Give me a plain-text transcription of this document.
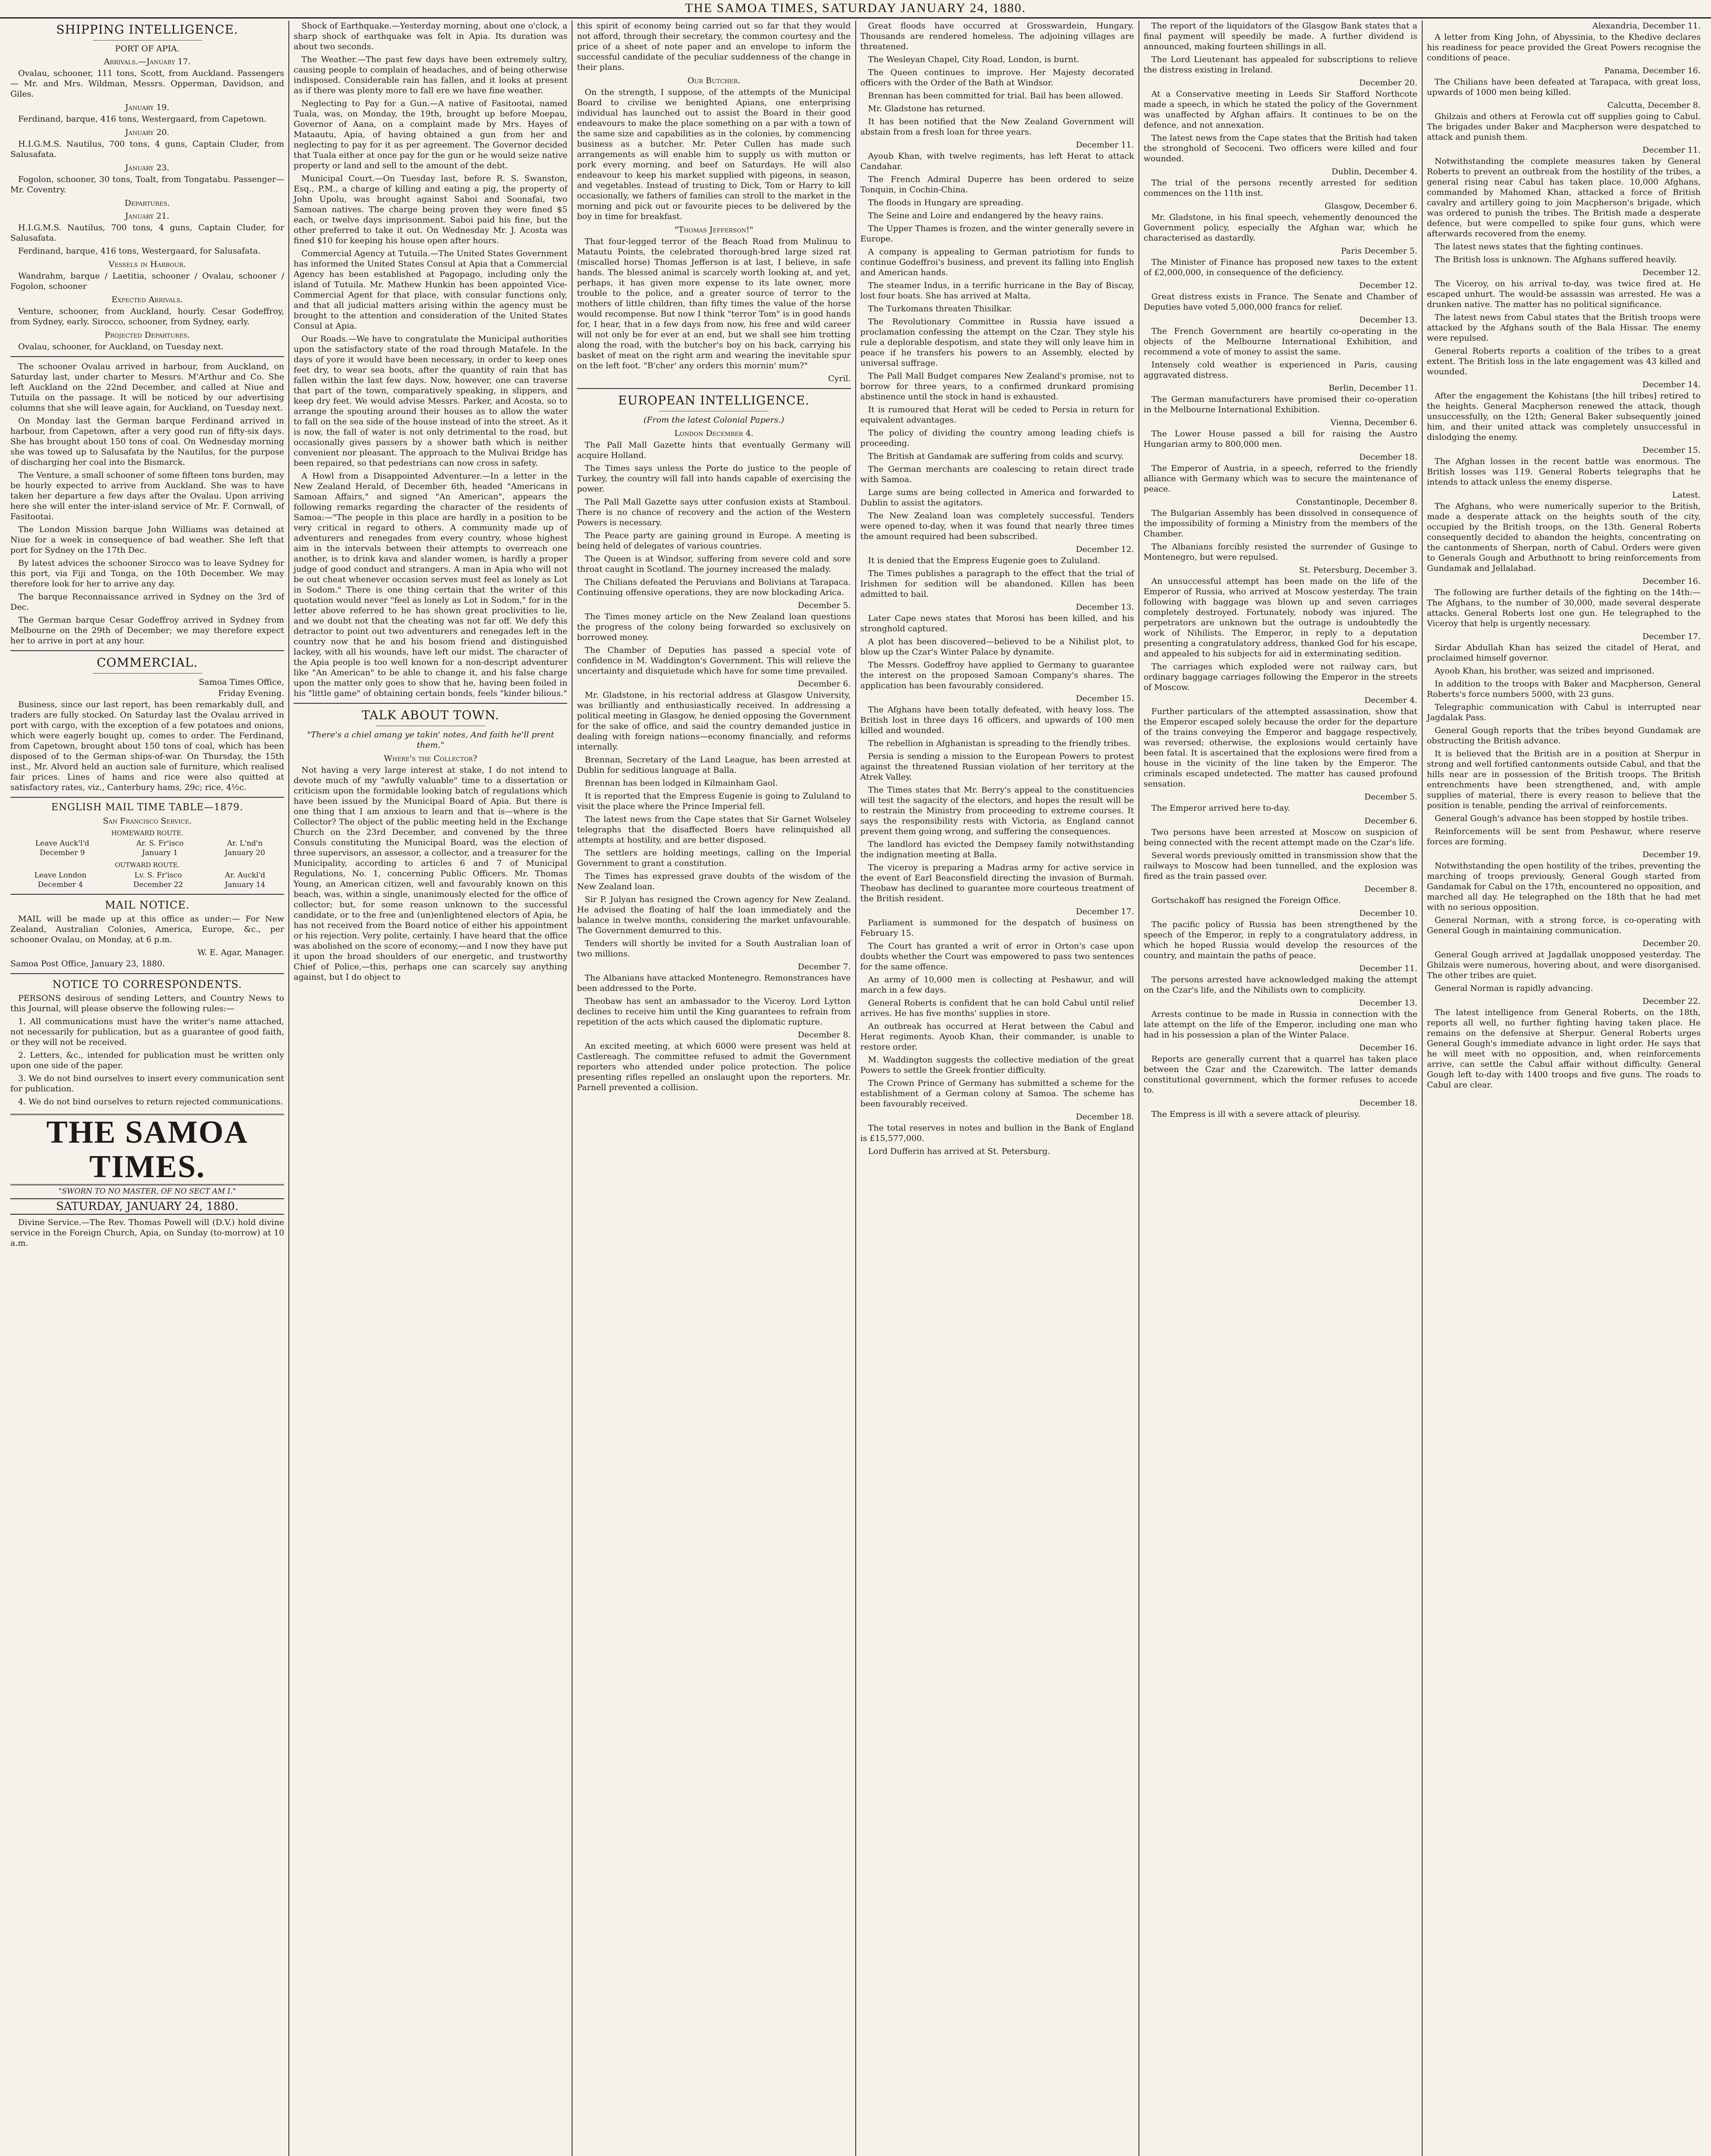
THE SAMOA TIMES, SATURDAY JANUARY 24, 1880.
SHIPPING INTELLIGENCE.
PORT OF APIA.
Arrivals.—January 17.

Ovalau, schooner, 111 tons, Scott, from Auckland. Passengers — Mr. and Mrs. Wildman, Messrs. Opperman, Davidson, and Giles.

January 19.

Ferdinand, barque, 416 tons, Westergaard, from Capetown.

January 20.

H.I.G.M.S. Nautilus, 700 tons, 4 guns, Captain Cluder, from Salusafata.

January 23.

Fogolon, schooner, 30 tons, Toalt, from Tongatabu. Passenger—Mr. Coventry.

Departures.
January 21.

H.I.G.M.S. Nautilus, 700 tons, 4 guns, Captain Cluder, for Salusafata.

Ferdinand, barque, 416 tons, Westergaard, for Salusafata.

Vessels in Harbour.

Wandrahm, barque / Laetitia, schooner / Ovalau, schooner / Fogolon, schooner

Expected Arrivals.

Venture, schooner, from Auckland, hourly. Cesar Godeffroy, from Sydney, early. Sirocco, schooner, from Sydney, early.

Projected Departures.

Ovalau, schooner, for Auckland, on Tuesday next.

The schooner Ovalau arrived in harbour, from Auckland, on Saturday last, under charter to Messrs. M'Arthur and Co. She left Auckland on the 22nd December, and called at Niue and Tutuila on the passage. It will be noticed by our advertising columns that she will leave again, for Auckland, on Tuesday next.

On Monday last the German barque Ferdinand arrived in harbour, from Capetown, after a very good run of fifty-six days. She has brought about 150 tons of coal. On Wednesday morning she was towed up to Salusafata by the Nautilus, for the purpose of discharging her coal into the Bismarck.

The Venture, a small schooner of some fifteen tons burden, may be hourly expected to arrive from Auckland. She was to have taken her departure a few days after the Ovalau. Upon arriving here she will enter the inter-island service of Mr. F. Cornwall, of Fasitootai.

The London Mission barque John Williams was detained at Niue for a week in consequence of bad weather. She left that port for Sydney on the 17th Dec.

By latest advices the schooner Sirocco was to leave Sydney for this port, via Fiji and Tonga, on the 10th December. We may therefore look for her to arrive any day.

The barque Reconnaissance arrived in Sydney on the 3rd of Dec.

The German barque Cesar Godeffroy arrived in Sydney from Melbourne on the 29th of December; we may therefore expect her to arrive in port at any hour.

COMMERCIAL.
Samoa Times Office,
Friday Evening.

Business, since our last report, has been remarkably dull, and traders are fully stocked. On Saturday last the Ovalau arrived in port with cargo, with the exception of a few potatoes and onions, which were eagerly bought up, comes to order. The Ferdinand, from Capetown, brought about 150 tons of coal, which has been disposed of to the German ships-of-war. On Thursday, the 15th inst., Mr. Alvord held an auction sale of furniture, which realised fair prices. Lines of hams and rice were also quitted at satisfactory rates, viz., Canterbury hams, 29c; rice, 4½c.

ENGLISH MAIL TIME TABLE—1879.
San Francisco Service.
HOMEWARD ROUTE.
Leave Auck'l'd	Ar. S. Fr'isco	Ar. L'nd'n
December 9	January 1	January 20
OUTWARD ROUTE.
Leave London	Lv. S. Fr'isco	Ar. Auckl'd
December 4	December 22	January 14
MAIL NOTICE.

MAIL will be made up at this office as under:— For New Zealand, Australian Colonies, America, Europe, &c., per schooner Ovalau, on Monday, at 6 p.m.

W. E. Agar, Manager.

Samoa Post Office, January 23, 1880.

NOTICE TO CORRESPONDENTS.

PERSONS desirous of sending Letters, and Country News to this Journal, will please observe the following rules:—

1. All communications must have the writer's name attached, not necessarily for publication, but as a guarantee of good faith, or they will not be received.

2. Letters, &c., intended for publication must be written only upon one side of the paper.

3. We do not bind ourselves to insert every communication sent for publication.

4. We do not bind ourselves to return rejected communications.

THE SAMOA TIMES.
"SWORN TO NO MASTER, OF NO SECT AM I."
SATURDAY, JANUARY 24, 1880.

Divine Service.—The Rev. Thomas Powell will (D.V.) hold divine service in the Foreign Church, Apia, on Sunday (to-morrow) at 10 a.m.

Shock of Earthquake.—Yesterday morning, about one o'clock, a sharp shock of earthquake was felt in Apia. Its duration was about two seconds.

The Weather.—The past few days have been extremely sultry, causing people to complain of headaches, and of being otherwise indisposed. Considerable rain has fallen, and it looks at present as if there was plenty more to fall ere we have fine weather.

Neglecting to Pay for a Gun.—A native of Fasitootai, named Tuala, was, on Monday, the 19th, brought up before Moepau, Governor of Aana, on a complaint made by Mrs. Hayes of Mataautu, Apia, of having obtained a gun from her and neglecting to pay for it as per agreement. The Governor decided that Tuala either at once pay for the gun or he would seize native property or land and sell to the amount of the debt.

Municipal Court.—On Tuesday last, before R. S. Swanston, Esq., P.M., a charge of killing and eating a pig, the property of John Upolu, was brought against Saboi and Soonafai, two Samoan natives. The charge being proven they were fined $5 each, or twelve days imprisonment. Saboi paid his fine, but the other preferred to take it out. On Wednesday Mr. J. Acosta was fined $10 for keeping his house open after hours.

Commercial Agency at Tutuila.—The United States Government has informed the United States Consul at Apia that a Commercial Agency has been established at Pagopago, including only the island of Tutuila. Mr. Mathew Hunkin has been appointed Vice-Commercial Agent for that place, with consular functions only, and that all judicial matters arising within the agency must be brought to the attention and consideration of the United States Consul at Apia.

Our Roads.—We have to congratulate the Municipal authorities upon the satisfactory state of the road through Matafele. In the days of yore it would have been necessary, in order to keep ones feet dry, to wear sea boots, after the quantity of rain that has fallen within the last few days. Now, however, one can traverse that part of the town, comparatively speaking, in slippers, and keep dry feet. We would advise Messrs. Parker, and Acosta, so to arrange the spouting around their houses as to allow the water to fall on the sea side of the house instead of into the street. As it is now, the fall of water is not only detrimental to the road, but occasionally gives passers by a shower bath which is neither convenient nor pleasant. The approach to the Mulivai Bridge has been repaired, so that pedestrians can now cross in safety.

A Howl from a Disappointed Adventurer.—In a letter in the New Zealand Herald, of December 6th, headed "Americans in Samoan Affairs," and signed "An American", appears the following remarks regarding the character of the residents of Samoa:—"The people in this place are hardly in a position to be very critical in regard to others. A community made up of adventurers and renegades from every country, whose highest aim in the intervals between their attempts to overreach one another, is to drink kava and slander women, is hardly a proper judge of good conduct and strangers. A man in Apia who will not be out cheat whenever occasion serves must feel as lonely as Lot in Sodom." There is one thing certain that the writer of this quotation would never "feel as lonely as Lot in Sodom," for in the letter above referred to he has shown great proclivities to lie, and we doubt not that the cheating was not far off. We defy this detractor to point out two adventurers and renegades left in the country now that he and his bosom friend and distinguished lackey, with all his wounds, have left our midst. The character of the Apia people is too well known for a non-descript adventurer like "An American" to be able to change it, and his false charge upon the matter only goes to show that he, having been foiled in his "little game" of obtaining certain bonds, feels "kinder bilious."

TALK ABOUT TOWN.
"There's a chiel amang ye takin' notes, And faith he'll prent them."
Where's the Collector?

Not having a very large interest at stake, I do not intend to devote much of my "awfully valuable" time to a dissertation or criticism upon the formidable looking batch of regulations which have been issued by the Municipal Board of Apia. But there is one thing that I am anxious to learn and that is—where is the Collector? The object of the public meeting held in the Exchange Church on the 23rd December, and convened by the three Consuls constituting the Municipal Board, was the election of three supervisors, an assessor, a collector, and a treasurer for the Municipality, according to articles 6 and 7 of Municipal Regulations, No. 1, concerning Public Officers. Mr. Thomas Young, an American citizen, well and favourably known on this beach, was, within a single, unanimously elected for the office of collector; but, for some reason unknown to the successful candidate, or to the free and (un)enlightened electors of Apia, he has not received from the Board notice of either his appointment or his rejection. Very polite, certainly. I have heard that the office was abolished on the score of economy,—and I now they have put it upon the broad shoulders of our energetic, and trustworthy Chief of Police,—this, perhaps one can scarcely say anything against, but I do object to

this spirit of economy being carried out so far that they would not afford, through their secretary, the common courtesy and the price of a sheet of note paper and an envelope to inform the successful candidate of the peculiar suddenness of the change in their plans.

Our Butcher.

On the strength, I suppose, of the attempts of the Municipal Board to civilise we benighted Apians, one enterprising individual has launched out to assist the Board in their good endeavours to make the place something on a par with a town of the same size and capabilities as in the colonies, by commencing business as a butcher. Mr. Peter Cullen has made such arrangements as will enable him to supply us with mutton or pork every morning, and beef on Saturdays. He will also endeavour to keep his market supplied with pigeons, in season, and vegetables. Instead of trusting to Dick, Tom or Harry to kill occasionally, we fathers of families can stroll to the market in the morning and pick out or favourite pieces to be delivered by the boy in time for breakfast.

"Thomas Jefferson!"

That four-legged terror of the Beach Road from Mulinuu to Matautu Points, the celebrated thorough-bred large sized rat (miscalled horse) Thomas Jefferson is at last, I believe, in safe hands. The blessed animal is scarcely worth looking at, and yet, perhaps, it has given more expense to its late owner, more trouble to the police, and a greater source of terror to the mothers of little children, than fifty times the value of the horse would recompense. But now I think "terror Tom" is in good hands for, I hear, that in a few days from now, his free and wild career will not only be for ever at an end, but we shall see him trotting along the road, with the butcher's boy on his back, carrying his basket of meat on the right arm and wearing the inevitable spur on the left foot. "B'cher' any orders this mornin' mum?"

Cyril.
EUROPEAN INTELLIGENCE.
(From the latest Colonial Papers.)
London December 4.

The Pall Mall Gazette hints that eventually Germany will acquire Holland.

The Times says unless the Porte do justice to the people of Turkey, the country will fall into hands capable of exercising the power.

The Pall Mall Gazette says utter confusion exists at Stamboul. There is no chance of recovery and the action of the Western Powers is necessary.

The Peace party are gaining ground in Europe. A meeting is being held of delegates of various countries.

The Queen is at Windsor, suffering from severe cold and sore throat caught in Scotland. The journey increased the malady.

The Chilians defeated the Peruvians and Bolivians at Tarapaca. Continuing offensive operations, they are now blockading Arica.

December 5.

The Times money article on the New Zealand loan questions the progress of the colony being forwarded so exclusively on borrowed money.

The Chamber of Deputies has passed a special vote of confidence in M. Waddington's Government. This will relieve the uncertainty and disquietude which have for some time prevailed.

December 6.

Mr. Gladstone, in his rectorial address at Glasgow University, was brilliantly and enthusiastically received. In addressing a political meeting in Glasgow, he denied opposing the Government for the sake of office, and said the country demanded justice in dealing with foreign nations—economy financially, and reforms internally.

Brennan, Secretary of the Land League, has been arrested at Dublin for seditious language at Balla.

Brennan has been lodged in Kilmainham Gaol.

It is reported that the Empress Eugenie is going to Zululand to visit the place where the Prince Imperial fell.

The latest news from the Cape states that Sir Garnet Wolseley telegraphs that the disaffected Boers have relinquished all attempts at hostility, and are better disposed.

The settlers are holding meetings, calling on the Imperial Government to grant a constitution.

The Times has expressed grave doubts of the wisdom of the New Zealand loan.

Sir P. Julyan has resigned the Crown agency for New Zealand. He advised the floating of half the loan immediately and the balance in twelve months, considering the market unfavourable. The Government demurred to this.

Tenders will shortly be invited for a South Australian loan of two millions.

December 7.

The Albanians have attacked Montenegro. Remonstrances have been addressed to the Porte.

Theobaw has sent an ambassador to the Viceroy. Lord Lytton declines to receive him until the King guarantees to refrain from repetition of the acts which caused the diplomatic rupture.

December 8.

An excited meeting, at which 6000 were present was held at Castlereagh. The committee refused to admit the Government reporters who attended under police protection. The police presenting rifles repelled an onslaught upon the reporters. Mr. Parnell prevented a collision.

Great floods have occurred at Grosswardein, Hungary. Thousands are rendered homeless. The adjoining villages are threatened.

The Wesleyan Chapel, City Road, London, is burnt.

The Queen continues to improve. Her Majesty decorated officers with the Order of the Bath at Windsor.

Brennan has been committed for trial. Bail has been allowed.

Mr. Gladstone has returned.

It has been notified that the New Zealand Government will abstain from a fresh loan for three years.

December 11.

Ayoub Khan, with twelve regiments, has left Herat to attack Candahar.

The French Admiral Duperre has been ordered to seize Tonquin, in Cochin-China.

The floods in Hungary are spreading.

The Seine and Loire and endangered by the heavy rains.

The Upper Thames is frozen, and the winter generally severe in Europe.

A company is appealing to German patriotism for funds to continue Godeffroi's business, and prevent its falling into English and American hands.

The steamer Indus, in a terrific hurricane in the Bay of Biscay, lost four boats. She has arrived at Malta.

The Turkomans threaten Thisilkar.

The Revolutionary Committee in Russia have issued a proclamation confessing the attempt on the Czar. They style his rule a deplorable despotism, and state they will only leave him in peace if he transfers his powers to an Assembly, elected by universal suffrage.

The Pall Mall Budget compares New Zealand's promise, not to borrow for three years, to a confirmed drunkard promising abstinence until the stock in hand is exhausted.

It is rumoured that Herat will be ceded to Persia in return for equivalent advantages.

The policy of dividing the country among leading chiefs is proceeding.

The British at Gandamak are suffering from colds and scurvy.

The German merchants are coalescing to retain direct trade with Samoa.

Large sums are being collected in America and forwarded to Dublin to assist the agitators.

The New Zealand loan was completely successful. Tenders were opened to-day, when it was found that nearly three times the amount required had been subscribed.

December 12.

It is denied that the Empress Eugenie goes to Zululand.

The Times publishes a paragraph to the effect that the trial of Irishmen for sedition will be abandoned. Killen has been admitted to bail.

December 13.

Later Cape news states that Morosi has been killed, and his stronghold captured.

A plot has been discovered—believed to be a Nihilist plot, to blow up the Czar's Winter Palace by dynamite.

The Messrs. Godeffroy have applied to Germany to guarantee the interest on the proposed Samoan Company's shares. The application has been favourably considered.

December 15.

The Afghans have been totally defeated, with heavy loss. The British lost in three days 16 officers, and upwards of 100 men killed and wounded.

The rebellion in Afghanistan is spreading to the friendly tribes.

Persia is sending a mission to the European Powers to protest against the threatened Russian violation of her territory at the Atrek Valley.

The Times states that Mr. Berry's appeal to the constituencies will test the sagacity of the electors, and hopes the result will be to restrain the Ministry from proceeding to extreme courses. It says the responsibility rests with Victoria, as England cannot prevent them going wrong, and suffering the consequences.

The landlord has evicted the Dempsey family notwithstanding the indignation meeting at Balla.

The viceroy is preparing a Madras army for active service in the event of Earl Beaconsfield directing the invasion of Burmah. Theobaw has declined to guarantee more courteous treatment of the British resident.

December 17.

Parliament is summoned for the despatch of business on February 15.

The Court has granted a writ of error in Orton's case upon doubts whether the Court was empowered to pass two sentences for the same offence.

An army of 10,000 men is collecting at Peshawur, and will march in a few days.

General Roberts is confident that he can hold Cabul until relief arrives. He has five months' supplies in store.

An outbreak has occurred at Herat between the Cabul and Herat regiments. Ayoob Khan, their commander, is unable to restore order.

M. Waddington suggests the collective mediation of the great Powers to settle the Greek frontier difficulty.

The Crown Prince of Germany has submitted a scheme for the establishment of a German colony at Samoa. The scheme has been favourably received.

December 18.

The total reserves in notes and bullion in the Bank of England is £15,577,000.

Lord Dufferin has arrived at St. Petersburg.

The report of the liquidators of the Glasgow Bank states that a final payment will speedily be made. A further dividend is announced, making fourteen shillings in all.

The Lord Lieutenant has appealed for subscriptions to relieve the distress existing in Ireland.

December 20.

At a Conservative meeting in Leeds Sir Stafford Northcote made a speech, in which he stated the policy of the Government was unaffected by Afghan affairs. It continues to be on the defence, and not annexation.

The latest news from the Cape states that the British had taken the stronghold of Secoceni. Two officers were killed and four wounded.

Dublin, December 4.

The trial of the persons recently arrested for sedition commences on the 11th inst.

Glasgow, December 6.

Mr. Gladstone, in his final speech, vehemently denounced the Government policy, especially the Afghan war, which he characterised as dastardly.

Paris December 5.

The Minister of Finance has proposed new taxes to the extent of £2,000,000, in consequence of the deficiency.

December 12.

Great distress exists in France. The Senate and Chamber of Deputies have voted 5,000,000 francs for relief.

December 13.

The French Government are heartily co-operating in the objects of the Melbourne International Exhibition, and recommend a vote of money to assist the same.

Intensely cold weather is experienced in Paris, causing aggravated distress.

Berlin, December 11.

The German manufacturers have promised their co-operation in the Melbourne International Exhibition.

Vienna, December 6.

The Lower House passed a bill for raising the Austro Hungarian army to 800,000 men.

December 18.

The Emperor of Austria, in a speech, referred to the friendly alliance with Germany which was to secure the maintenance of peace.

Constantinople, December 8.

The Bulgarian Assembly has been dissolved in consequence of the impossibility of forming a Ministry from the members of the Chamber.

The Albanians forcibly resisted the surrender of Gusinge to Montenegro, but were repulsed.

St. Petersburg, December 3.

An unsuccessful attempt has been made on the life of the Emperor of Russia, who arrived at Moscow yesterday. The train following with baggage was blown up and seven carriages completely destroyed. Fortunately, nobody was injured. The perpetrators are unknown but the outrage is undoubtedly the work of Nihilists. The Emperor, in reply to a deputation presenting a congratulatory address, thanked God for his escape, and appealed to his subjects for aid in exterminating sedition.

The carriages which exploded were not railway cars, but ordinary baggage carriages following the Emperor in the streets of Moscow.

December 4.

Further particulars of the attempted assassination, show that the Emperor escaped solely because the order for the departure of the trains conveying the Emperor and baggage respectively, was reversed; otherwise, the explosions would certainly have been fatal. It is ascertained that the explosions were fired from a house in the vicinity of the line taken by the Emperor. The criminals escaped undetected. The matter has caused profound sensation.

December 5.

The Emperor arrived here to-day.

December 6.

Two persons have been arrested at Moscow on suspicion of being connected with the recent attempt made on the Czar's life.

Several words previously omitted in transmission show that the railways to Moscow had been tunnelled, and the explosion was fired as the train passed over.

December 8.

Gortschakoff has resigned the Foreign Office.

December 10.

The pacific policy of Russia has been strengthened by the speech of the Emperor, in reply to a congratulatory address, in which he hoped Russia would develop the resources of the country, and maintain the paths of peace.

December 11.

The persons arrested have acknowledged making the attempt on the Czar's life, and the Nihilists own to complicity.

December 13.

Arrests continue to be made in Russia in connection with the late attempt on the life of the Emperor, including one man who had in his possession a plan of the Winter Palace.

December 16.

Reports are generally current that a quarrel has taken place between the Czar and the Czarewitch. The latter demands constitutional government, which the former refuses to accede to.

December 18.

The Empress is ill with a severe attack of pleurisy.

Alexandria, December 11.

A letter from King John, of Abyssinia, to the Khedive declares his readiness for peace provided the Great Powers recognise the conditions of peace.

Panama, December 16.

The Chilians have been defeated at Tarapaca, with great loss, upwards of 1000 men being killed.

Calcutta, December 8.

Ghilzais and others at Ferowla cut off supplies going to Cabul. The brigades under Baker and Macpherson were despatched to attack and punish them.

December 11.

Notwithstanding the complete measures taken by General Roberts to prevent an outbreak from the hostility of the tribes, a general rising near Cabul has taken place. 10,000 Afghans, commanded by Mahomed Khan, attacked a force of British cavalry and artillery going to join Macpherson's brigade, which was ordered to punish the tribes. The British made a desperate defence, but were compelled to spike four guns, which were afterwards recovered from the enemy.

The latest news states that the fighting continues.

The British loss is unknown. The Afghans suffered heavily.

December 12.

The Viceroy, on his arrival to-day, was twice fired at. He escaped unhurt. The would-be assassin was arrested. He was a drunken native. The matter has no political significance.

The latest news from Cabul states that the British troops were attacked by the Afghans south of the Bala Hissar. The enemy were repulsed.

General Roberts reports a coalition of the tribes to a great extent. The British loss in the late engagement was 43 killed and wounded.

December 14.

After the engagement the Kohistans [the hill tribes] retired to the heights. General Macpherson renewed the attack, though unsuccessfully, on the 12th; General Baker subsequently joined him, and their united attack was completely unsuccessful in dislodging the enemy.

December 15.

The Afghan losses in the recent battle was enormous. The British losses was 119. General Roberts telegraphs that he intends to attack unless the enemy disperse.

Latest.

The Afghans, who were numerically superior to the British, made a desperate attack on the heights south of the city, occupied by the British troops, on the 13th. General Roberts consequently decided to abandon the heights, concentrating on the cantonments of Sherpan, north of Cabul. Orders were given to Generals Gough and Arbuthnott to bring reinforcements from Gundamak and Jellalabad.

December 16.

The following are further details of the fighting on the 14th:—The Afghans, to the number of 30,000, made several desperate attacks. General Roberts lost one gun. He telegraphed to the Viceroy that help is urgently necessary.

December 17.

Sirdar Abdullah Khan has seized the citadel of Herat, and proclaimed himself governor.

Ayoob Khan, his brother, was seized and imprisoned.

In addition to the troops with Baker and Macpherson, General Roberts's force numbers 5000, with 23 guns.

Telegraphic communication with Cabul is interrupted near Jagdalak Pass.

General Gough reports that the tribes beyond Gundamak are obstructing the British advance.

It is believed that the British are in a position at Sherpur in strong and well fortified cantonments outside Cabul, and that the hills near are in possession of the British troops. The British entrenchments have been strengthened, and, with ample supplies of material, there is every reason to believe that the position is tenable, pending the arrival of reinforcements.

General Gough's advance has been stopped by hostile tribes.

Reinforcements will be sent from Peshawur, where reserve forces are forming.

December 19.

Notwithstanding the open hostility of the tribes, preventing the marching of troops previously, General Gough started from Gandamak for Cabul on the 17th, encountered no opposition, and marched all day. He telegraphed on the 18th that he had met with no serious opposition.

General Norman, with a strong force, is co-operating with General Gough in maintaining communication.

December 20.

General Gough arrived at Jagdallak unopposed yesterday. The Ghilzais were numerous, hovering about, and were disorganised. The other tribes are quiet.

General Norman is rapidly advancing.

December 22.

The latest intelligence from General Roberts, on the 18th, reports all well, no further fighting having taken place. He remains on the defensive at Sherpur. General Roberts urges General Gough's immediate advance in light order. He says that he will meet with no opposition, and, when reinforcements arrive, can settle the Cabul affair without difficulty. General Gough left to-day with 1400 troops and five guns. The roads to Cabul are clear.
